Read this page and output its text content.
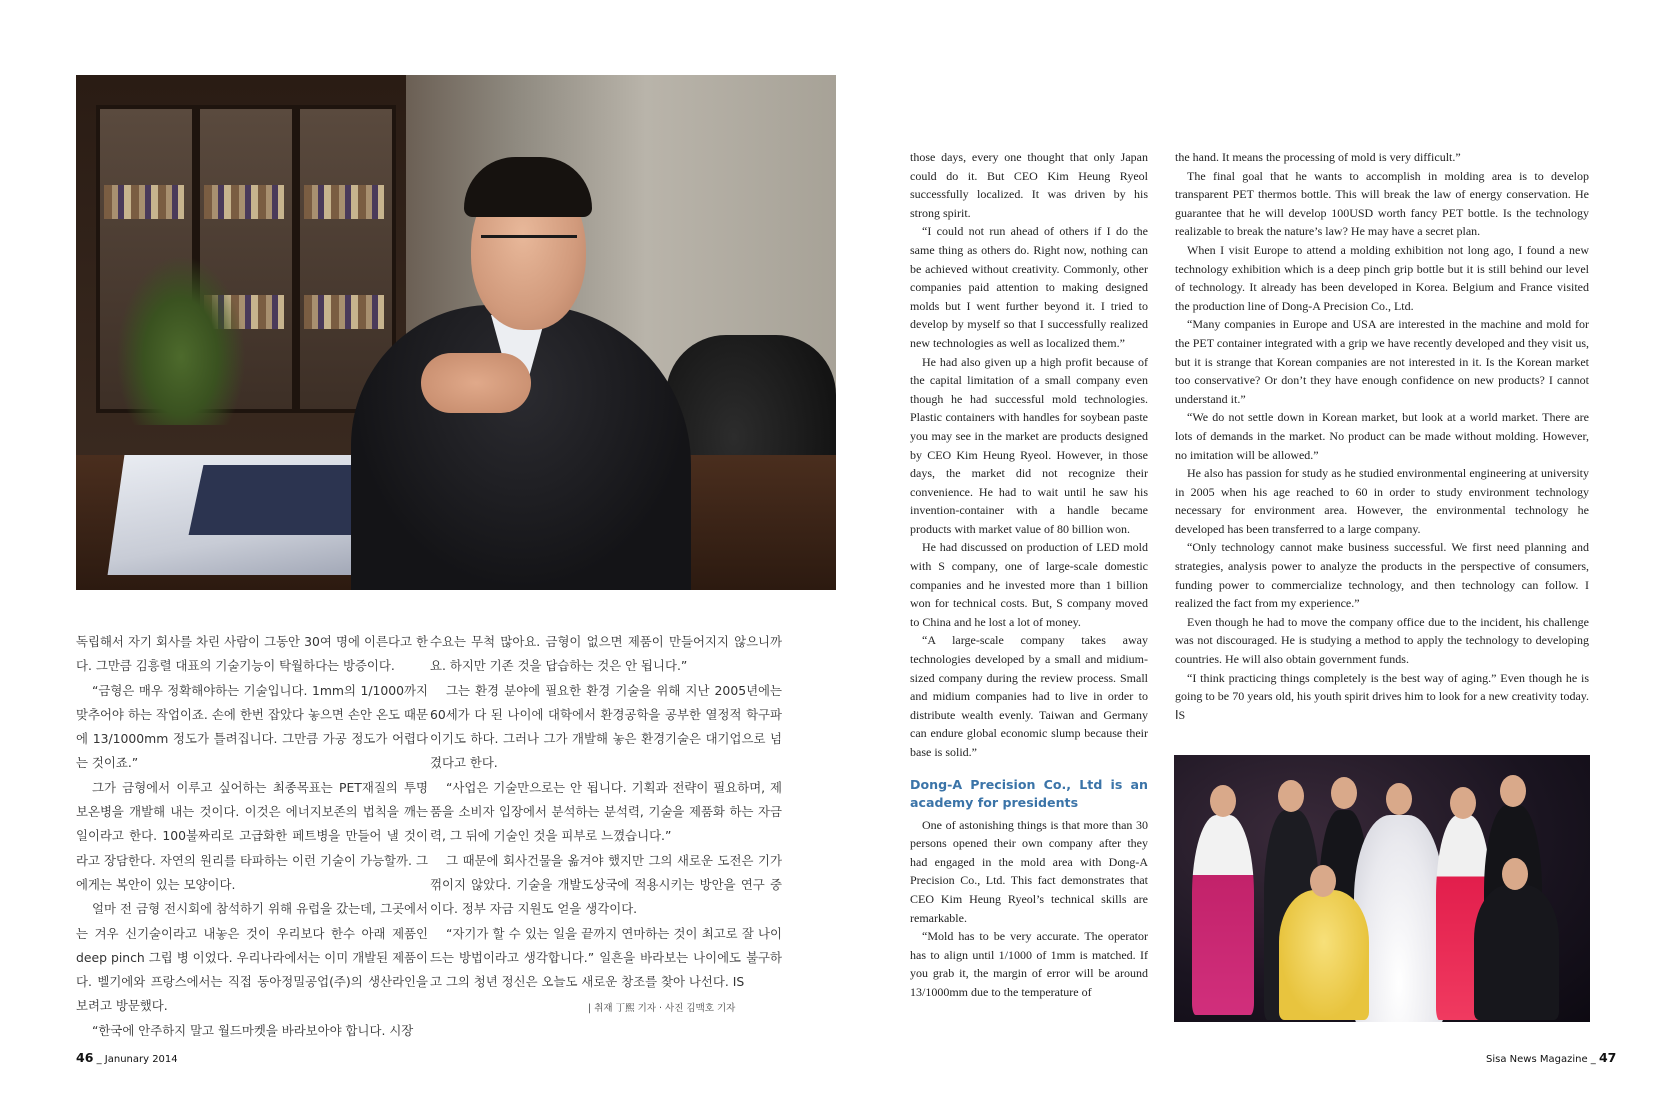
독립해서 자기 회사를 차린 사람이 그동안 30여 명에 이른다고 한다. 그만큼 김흥렬 대표의 기술기능이 탁월하다는 방증이다.

“금형은 매우 정확해야하는 기술입니다. 1mm의 1/1000까지 맞추어야 하는 작업이죠. 손에 한번 잡았다 놓으면 손안 온도 때문에 13/1000mm 정도가 틀려집니다. 그만큼 가공 정도가 어렵다는 것이죠.”

그가 금형에서 이루고 싶어하는 최종목표는 PET재질의 투명 보온병을 개발해 내는 것이다. 이것은 에너지보존의 법칙을 깨는 일이라고 한다. 100불짜리로 고급화한 페트병을 만들어 낼 것이라고 장담한다. 자연의 원리를 타파하는 이런 기술이 가능할까. 그에게는 복안이 있는 모양이다.

얼마 전 금형 전시회에 참석하기 위해 유럽을 갔는데, 그곳에서는 겨우 신기술이라고 내놓은 것이 우리보다 한수 아래 제품인 deep pinch 그립 병 이었다. 우리나라에서는 이미 개발된 제품이다. 벨기에와 프랑스에서는 직접 동아정밀공업(주)의 생산라인을 보려고 방문했다.

“한국에 안주하지 말고 월드마켓을 바라보아야 합니다. 시장

수요는 무척 많아요. 금형이 없으면 제품이 만들어지지 않으니까요. 하지만 기존 것을 답습하는 것은 안 됩니다.”

그는 환경 분야에 필요한 환경 기술을 위해 지난 2005년에는 60세가 다 된 나이에 대학에서 환경공학을 공부한 열정적 학구파이기도 하다. 그러나 그가 개발해 놓은 환경기술은 대기업으로 넘겼다고 한다.

“사업은 기술만으로는 안 됩니다. 기획과 전략이 필요하며, 제품을 소비자 입장에서 분석하는 분석력, 기술을 제품화 하는 자금력, 그 뒤에 기술인 것을 피부로 느꼈습니다.”

그 때문에 회사건물을 옮겨야 했지만 그의 새로운 도전은 기가 꺾이지 않았다. 기술을 개발도상국에 적용시키는 방안을 연구 중이다. 정부 자금 지원도 얻을 생각이다.

“자기가 할 수 있는 일을 끝까지 연마하는 것이 최고로 잘 나이 드는 방법이라고 생각합니다.” 일흔을 바라보는 나이에도 불구하고 그의 청년 정신은 오늘도 새로운 창조를 찾아 나선다. ⅠS

| 취재 丁熙 기자 · 사진 김맥호 기자
46 _ Janunary 2014

those days, every one thought that only Japan could do it. But CEO Kim Heung Ryeol successfully localized. It was driven by his strong spirit.

“I could not run ahead of others if I do the same thing as others do. Right now, nothing can be achieved without creativity. Commonly, other companies paid attention to making designed molds but I went further beyond it. I tried to develop by myself so that I successfully realized new technologies as well as localized them.”

He had also given up a high profit because of the capital limitation of a small company even though he had successful mold technologies. Plastic containers with handles for soybean paste you may see in the market are products designed by CEO Kim Heung Ryeol. However, in those days, the market did not recognize their convenience. He had to wait until he saw his invention-container with a handle became products with market value of 80 billion won.

He had discussed on production of LED mold with S company, one of large-scale domestic companies and he invested more than 1 billion won for technical costs. But, S company moved to China and he lost a lot of money.

“A large-scale company takes away technologies developed by a small and midium-sized company during the review process. Small and midium companies had to live in order to distribute wealth evenly. Taiwan and Germany can endure global economic slump because their base is solid.”

Dong-A Precision Co., Ltd is an academy for presidents

One of astonishing things is that more than 30 persons opened their own company after they had engaged in the mold area with Dong-A Precision Co., Ltd. This fact demonstrates that CEO Kim Heung Ryeol’s technical skills are remarkable.

“Mold has to be very accurate. The operator has to align until 1/1000 of 1mm is matched. If you grab it, the margin of error will be around 13/1000mm due to the temperature of

the hand. It means the processing of mold is very difficult.”

The final goal that he wants to accomplish in molding area is to develop transparent PET thermos bottle. This will break the law of energy conservation. He guarantee that he will develop 100USD worth fancy PET bottle. Is the technology realizable to break the nature’s law? He may have a secret plan.

When I visit Europe to attend a molding exhibition not long ago, I found a new technology exhibition which is a deep pinch grip bottle but it is still behind our level of technology. It already has been developed in Korea. Belgium and France visited the production line of Dong-A Precision Co., Ltd.

“Many companies in Europe and USA are interested in the machine and mold for the PET container integrated with a grip we have recently developed and they visit us, but it is strange that Korean companies are not interested in it. Is the Korean market too conservative? Or don’t they have enough confidence on new products? I cannot understand it.”

“We do not settle down in Korean market, but look at a world market. There are lots of demands in the market. No product can be made without molding. However, no imitation will be allowed.”

He also has passion for study as he studied environmental engineering at university in 2005 when his age reached to 60 in order to study environment technology necessary for environment area. However, the environmental technology he developed has been transferred to a large company.

“Only technology cannot make business successful. We first need planning and strategies, analysis power to analyze the products in the perspective of consumers, funding power to commercialize technology, and then technology can follow. I realized the fact from my experience.”

Even though he had to move the company office due to the incident, his challenge was not discouraged. He is studying a method to apply the technology to developing countries. He will also obtain government funds.

“I think practicing things completely is the best way of aging.” Even though he is going to be 70 years old, his youth spirit drives him to look for a new creativity today. ⅠS

Sisa News Magazine _ 47
